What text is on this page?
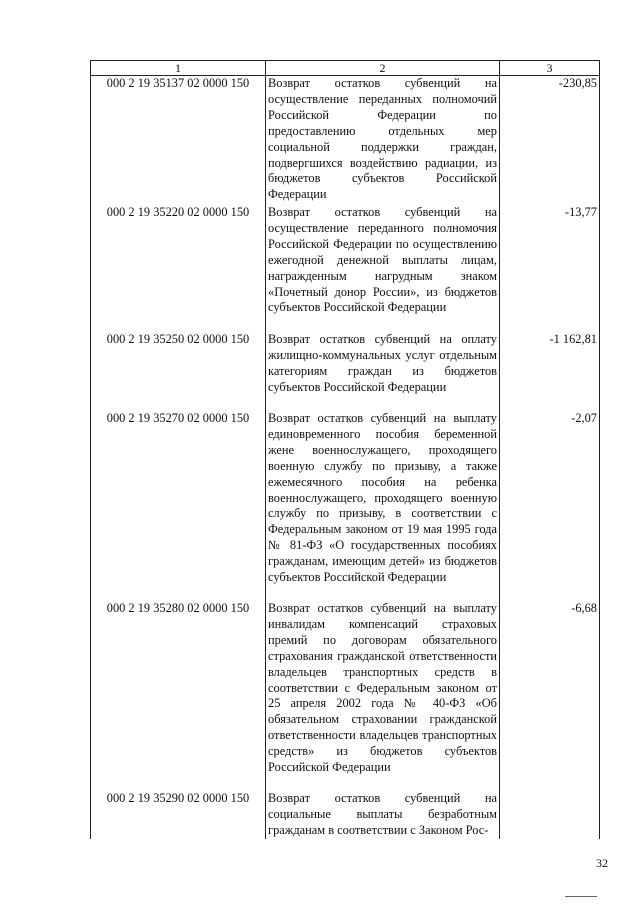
1	2	3
000 2 19 35137 02 0000 150	Возврат остатков субвенций на осуществление переданных полномочий Российской Федерации по предоставлению отдельных мер социальной поддержки граждан, подвергшихся воздействию радиации, из бюджетов субъектов Российской Федерации	-230,85
000 2 19 35220 02 0000 150	Возврат остатков субвенций на осуществление переданного полномочия Российской Федерации по осуществлению ежегодной денежной выплаты лицам, награжденным нагрудным знаком «Почетный донор России», из бюджетов субъектов Российской Федерации	-13,77
000 2 19 35250 02 0000 150	Возврат остатков субвенций на оплату жилищно-коммунальных услуг отдельным категориям граждан из бюджетов субъектов Российской Федерации	-1 162,81
000 2 19 35270 02 0000 150	Возврат остатков субвенций на выплату единовременного пособия беременной жене военнослужащего, проходящего военную службу по призыву, а также ежемесячного пособия на ребенка военнослужащего, проходящего военную службу по призыву, в соответствии с Федеральным законом от 19 мая 1995 года № 81-ФЗ «О государственных пособиях гражданам, имеющим детей» из бюджетов субъектов Российской Федерации	-2,07
000 2 19 35280 02 0000 150	Возврат остатков субвенций на выплату инвалидам компенсаций страховых премий по договорам обязательного страхования гражданской ответственности владельцев транспортных средств в соответствии с Федеральным законом от 25 апреля 2002 года № 40-ФЗ «Об обязательном страховании гражданской ответственности владельцев транспортных средств» из бюджетов субъектов Российской Федерации	-6,68
000 2 19 35290 02 0000 150	Возврат остатков субвенций на социальные выплаты безработным гражданам в соответствии с Законом Рос-	

32
